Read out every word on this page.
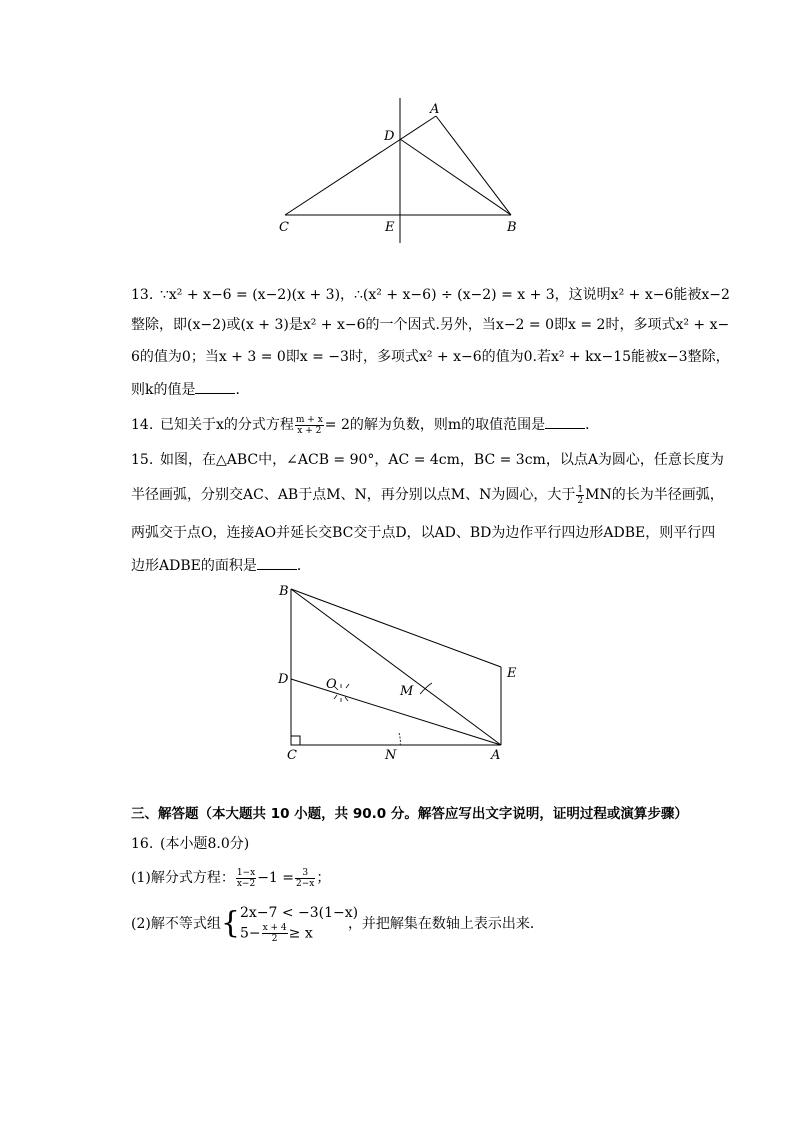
A
D
C	E	B
13. ∵x² + x−6 = (x−2)(x + 3)，∴(x² + x−6) ÷ (x−2) = x + 3，这说明x² + x−6能被x−2
整除，即(x−2)或(x + 3)是x² + x−6的一个因式.另外，当x−2 = 0即x = 2时，多项式x² + x−
6的值为0；当x + 3 = 0即x = −3时，多项式x² + x−6的值为0.若x² + kx−15能被x−3整除，
则k的值是	．
14. 已知关于x的分式方程 $\frac{m + x}{x + 2} = 2$的解为负数，则m的取值范围是	．
15. 如图，在△ABC中，∠ACB = 90°，AC = 4cm，BC = 3cm，以点A为圆心，任意长度为
半径画弧，分别交AC、AB于点M、N，再分别以点M、N为圆心，大于 $\frac{1}{2}$ MN的长为半径画弧，
两弧交于点O，连接AO并延长交BC交于点D，以AD、BD为边作平行四边形ADBE，则平行四
边形ADBE的面积是	．
B
E
D	O	M
C	N	A
三、解答题（本大题共 10 小题，共 90.0 分。解答应写出文字说明，证明过程或演算步骤）
16. (本小题8.0分)
(1)解分式方程： $\frac{1-x}{x-2} -1 = \frac{3}{2-x}$ ；
(2)解不等式组{ 2x−7 < −3(1−x)
$5- \frac{x + 4}{2} \ge x$
，并把解集在数轴上表示出来．
